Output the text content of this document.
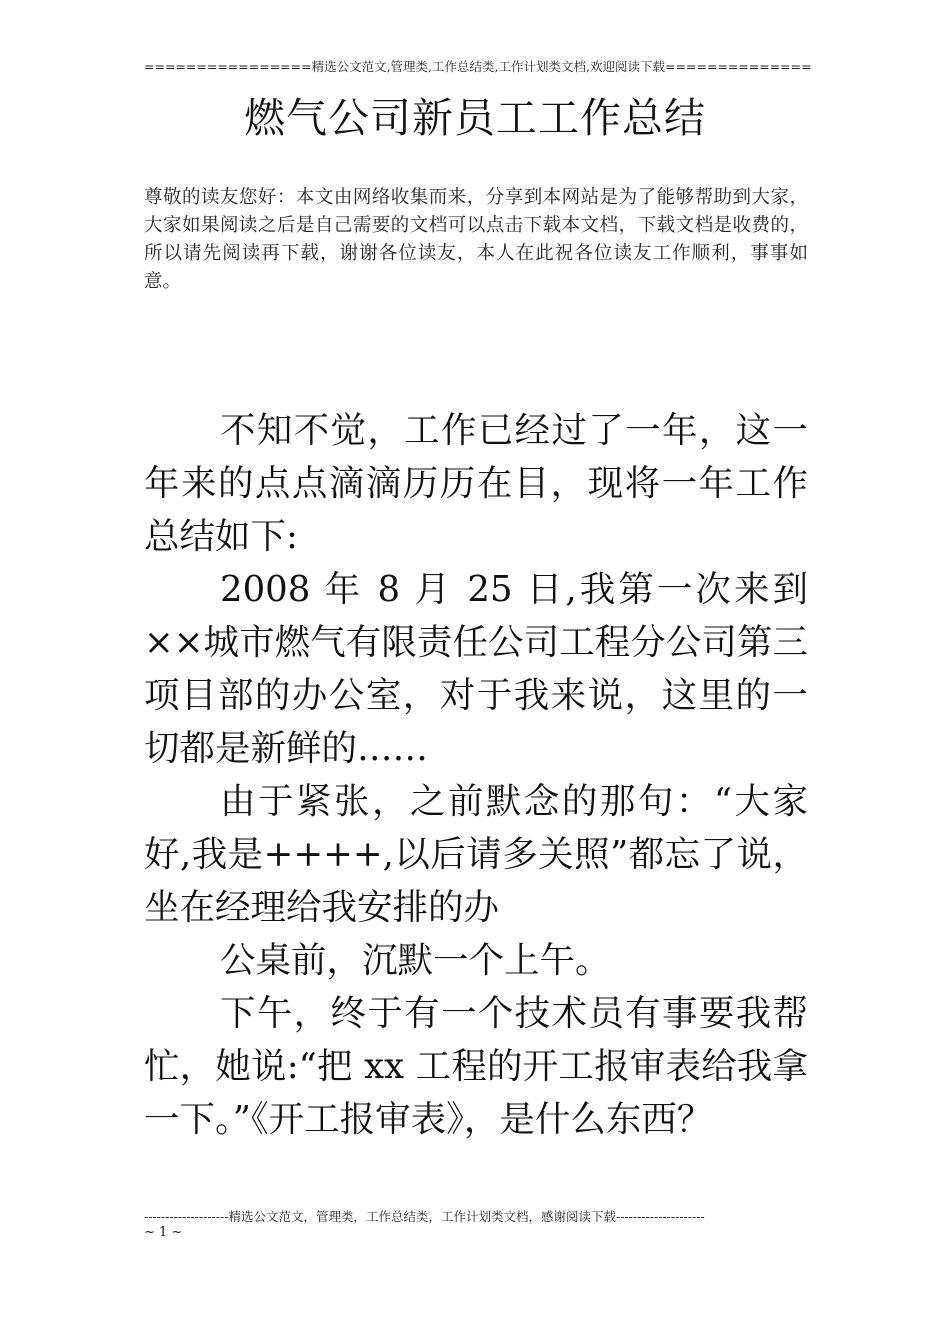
================精选公文范文,管理类,工作总结类,工作计划类文档,欢迎阅读下载==============
燃气公司新员工工作总结
尊敬的读友您好：本文由网络收集而来，分享到本网站是为了能够帮助到大家，大家如果阅读之后是自己需要的文档可以点击下载本文档，下载文档是收费的，所以请先阅读再下载，谢谢各位读友，本人在此祝各位读友工作顺利，事事如意。

不知不觉，工作已经过了一年，这一年来的点点滴滴历历在目，现将一年工作总结如下:

2008 年 8 月 25 日,我第一次来到××城市燃气有限责任公司工程分公司第三项目部的办公室，对于我来说，这里的一切都是新鲜的……

由于紧张，之前默念的那句：“大家好,我是++++,以后请多关照”都忘了说，坐在经理给我安排的办

公桌前，沉默一个上午。

下午，终于有一个技术员有事要我帮忙，她说:“把 xx 工程的开工报审表给我拿一下。”《开工报审表》，是什么东西？

--------------------精选公文范文，管理类，工作总结类，工作计划类文档，感谢阅读下载---------------------
~ 1 ~
